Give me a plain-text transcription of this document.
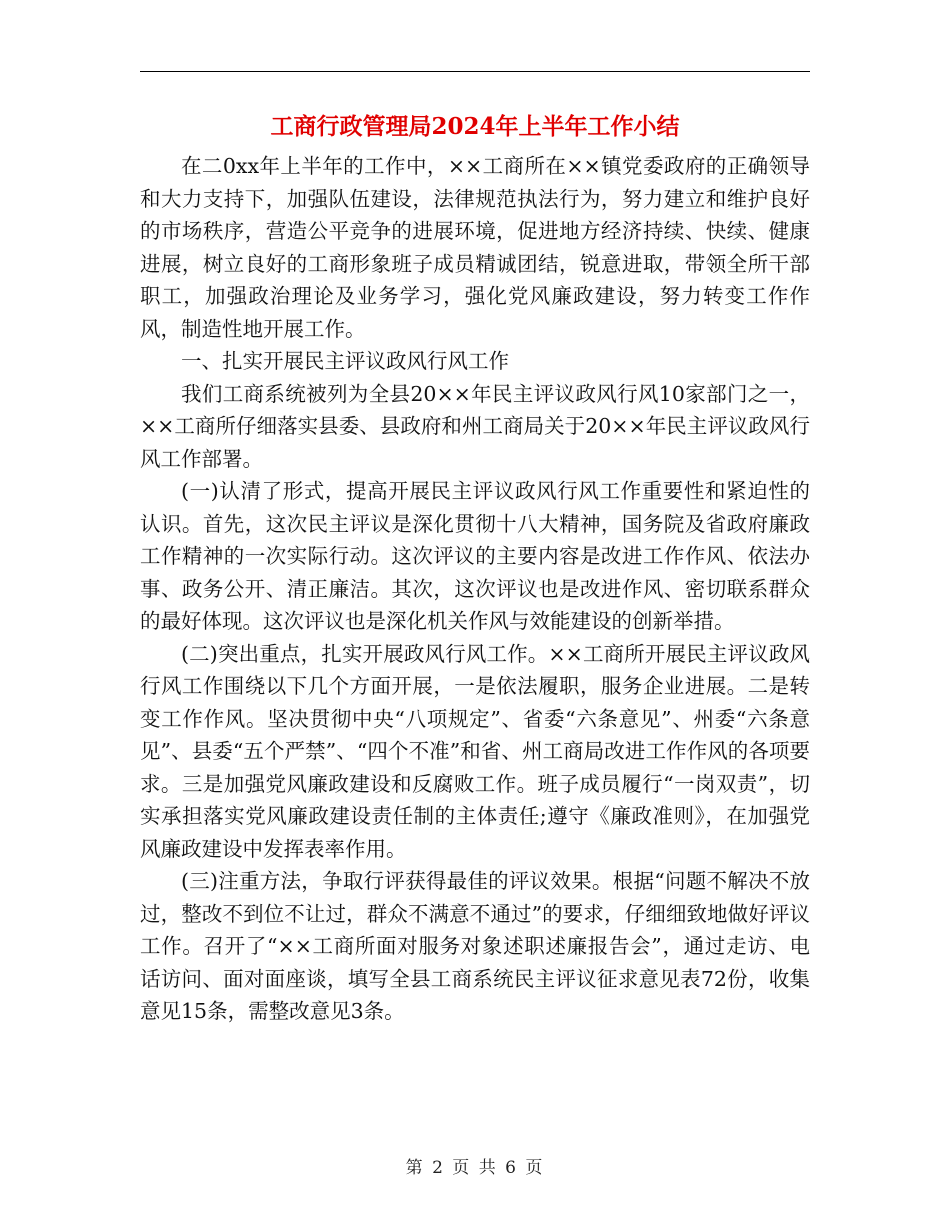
工商行政管理局2024年上半年工作小结

在二0xx年上半年的工作中，××工商所在××镇党委政府的正确领导和大力支持下，加强队伍建设，法律规范执法行为，努力建立和维护良好的市场秩序，营造公平竞争的进展环境，促进地方经济持续、快续、健康进展，树立良好的工商形象班子成员精诚团结，锐意进取，带领全所干部职工，加强政治理论及业务学习，强化党风廉政建设，努力转变工作作风，制造性地开展工作。

一、扎实开展民主评议政风行风工作

我们工商系统被列为全县20××年民主评议政风行风10家部门之一，××工商所仔细落实县委、县政府和州工商局关于20××年民主评议政风行风工作部署。

(一)认清了形式，提高开展民主评议政风行风工作重要性和紧迫性的认识。首先，这次民主评议是深化贯彻十八大精神，国务院及省政府廉政工作精神的一次实际行动。这次评议的主要内容是改进工作作风、依法办事、政务公开、清正廉洁。其次，这次评议也是改进作风、密切联系群众的最好体现。这次评议也是深化机关作风与效能建设的创新举措。

(二)突出重点，扎实开展政风行风工作。××工商所开展民主评议政风行风工作围绕以下几个方面开展，一是依法履职，服务企业进展。二是转变工作作风。坚决贯彻中央“八项规定”、省委“六条意见”、州委“六条意见”、县委“五个严禁”、“四个不准”和省、州工商局改进工作作风的各项要求。三是加强党风廉政建设和反腐败工作。班子成员履行“一岗双责”，切实承担落实党风廉政建设责任制的主体责任;遵守《廉政准则》，在加强党风廉政建设中发挥表率作用。

(三)注重方法，争取行评获得最佳的评议效果。根据“问题不解决不放过，整改不到位不让过，群众不满意不通过”的要求，仔细细致地做好评议工作。召开了“××工商所面对服务对象述职述廉报告会”，通过走访、电话访问、面对面座谈，填写全县工商系统民主评议征求意见表72份，收集意见15条，需整改意见3条。

第 2 页 共 6 页
